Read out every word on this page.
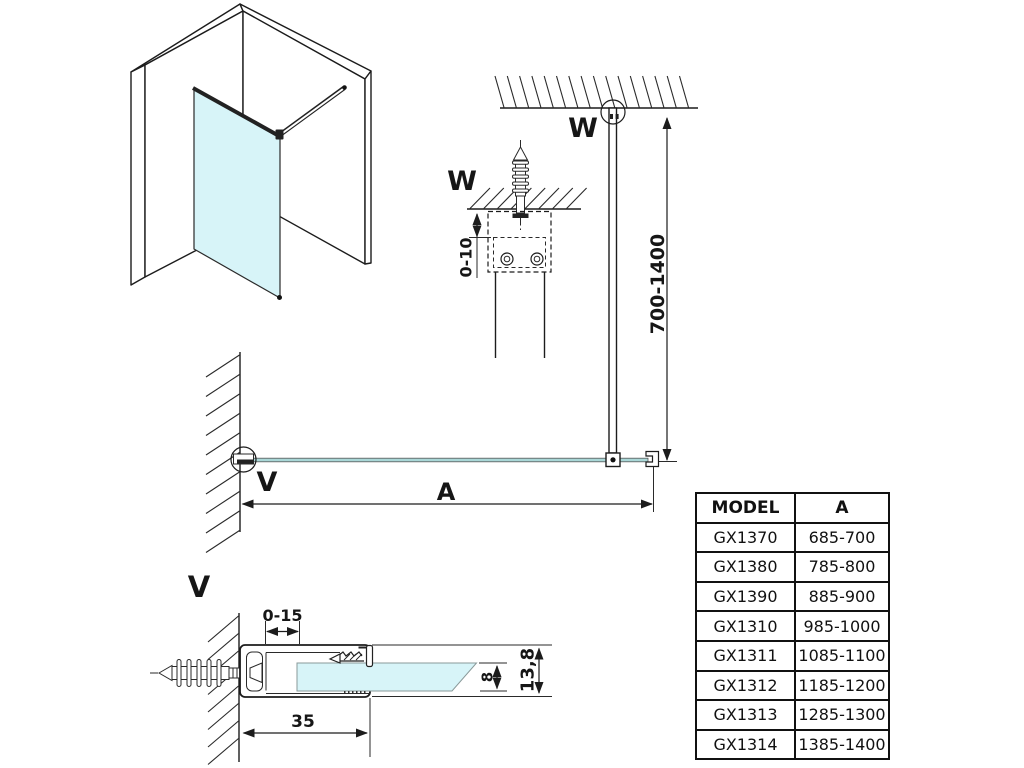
W
700-1400
V	A
W
0-10
V
0-15
35
8 13,8
MODEL	A
GX1370	685-700
GX1380	785-800
GX1390	885-900
GX1310	985-1000
GX1311	1085-1100
GX1312	1185-1200
GX1313	1285-1300
GX1314	1385-1400
